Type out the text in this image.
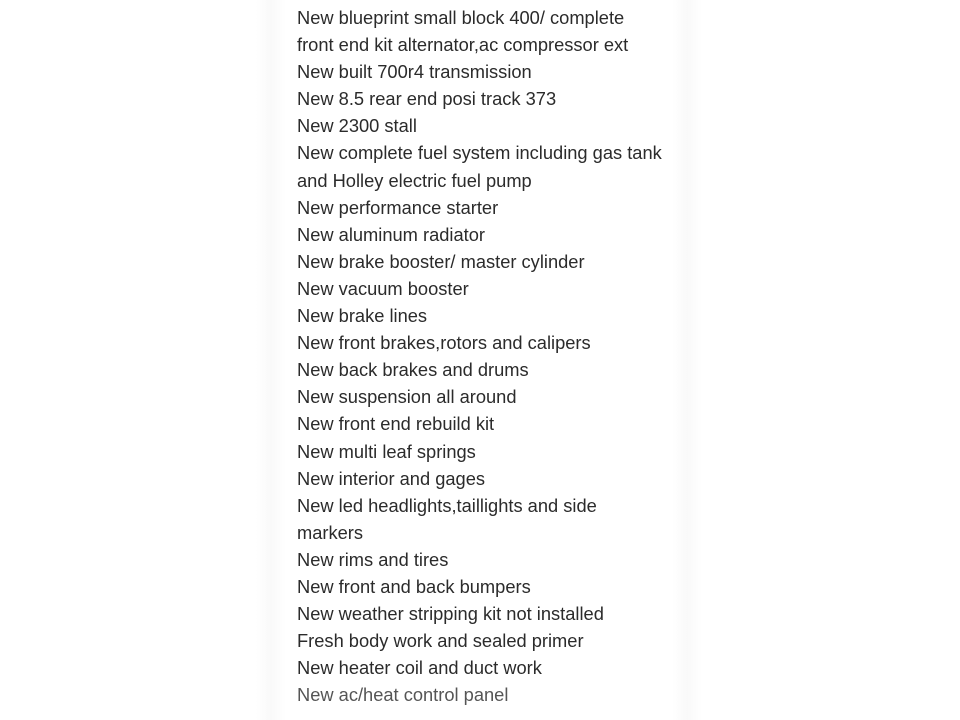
New blueprint small block 400/ complete
front end kit alternator,ac compressor ext
New built 700r4 transmission
New 8.5 rear end posi track 373
New 2300 stall
New complete fuel system including gas tank
and Holley electric fuel pump
New performance starter
New aluminum radiator
New brake booster/ master cylinder
New vacuum booster
New brake lines
New front brakes,rotors and calipers
New back brakes and drums
New suspension all around
New front end rebuild kit
New multi leaf springs
New interior and gages
New led headlights,taillights and side
markers
New rims and tires
New front and back bumpers
New weather stripping kit not installed
Fresh body work and sealed primer
New heater coil and duct work
New ac/heat control panel
